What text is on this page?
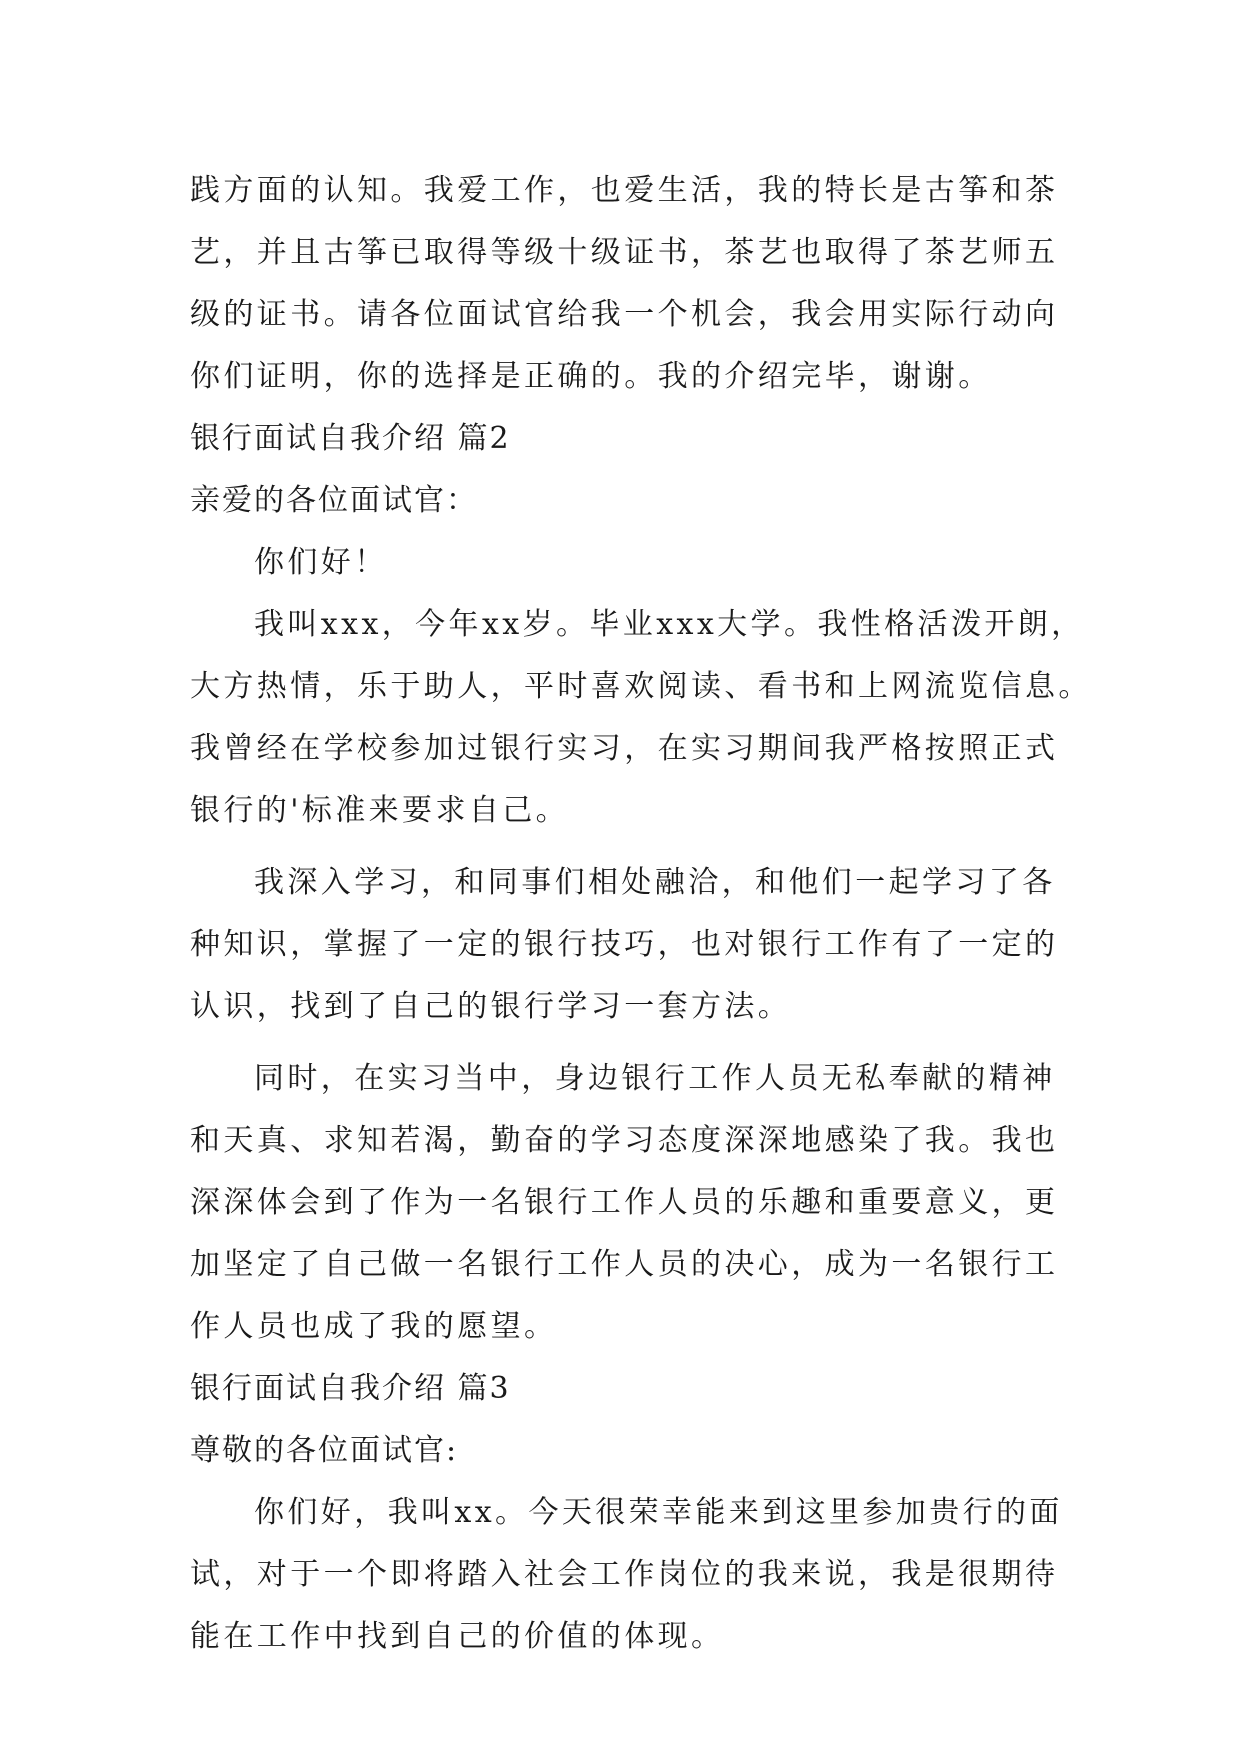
践方面的认知。我爱工作，也爱生活，我的特长是古筝和茶

艺，并且古筝已取得等级十级证书，茶艺也取得了茶艺师五

级的证书。请各位面试官给我一个机会，我会用实际行动向

你们证明，你的选择是正确的。我的介绍完毕，谢谢。

银行面试自我介绍 篇2

亲爱的各位面试官：

你们好！

我叫xxx，今年xx岁。毕业xxx大学。我性格活泼开朗，

大方热情，乐于助人，平时喜欢阅读、看书和上网流览信息。

我曾经在学校参加过银行实习，在实习期间我严格按照正式

银行的'标准来要求自己。

我深入学习，和同事们相处融洽，和他们一起学习了各

种知识，掌握了一定的银行技巧，也对银行工作有了一定的

认识，找到了自己的银行学习一套方法。

同时，在实习当中，身边银行工作人员无私奉献的精神

和天真、求知若渴，勤奋的学习态度深深地感染了我。我也

深深体会到了作为一名银行工作人员的乐趣和重要意义，更

加坚定了自己做一名银行工作人员的决心，成为一名银行工

作人员也成了我的愿望。

银行面试自我介绍 篇3

尊敬的各位面试官:

你们好，我叫xx。今天很荣幸能来到这里参加贵行的面

试，对于一个即将踏入社会工作岗位的我来说，我是很期待

能在工作中找到自己的价值的体现。
